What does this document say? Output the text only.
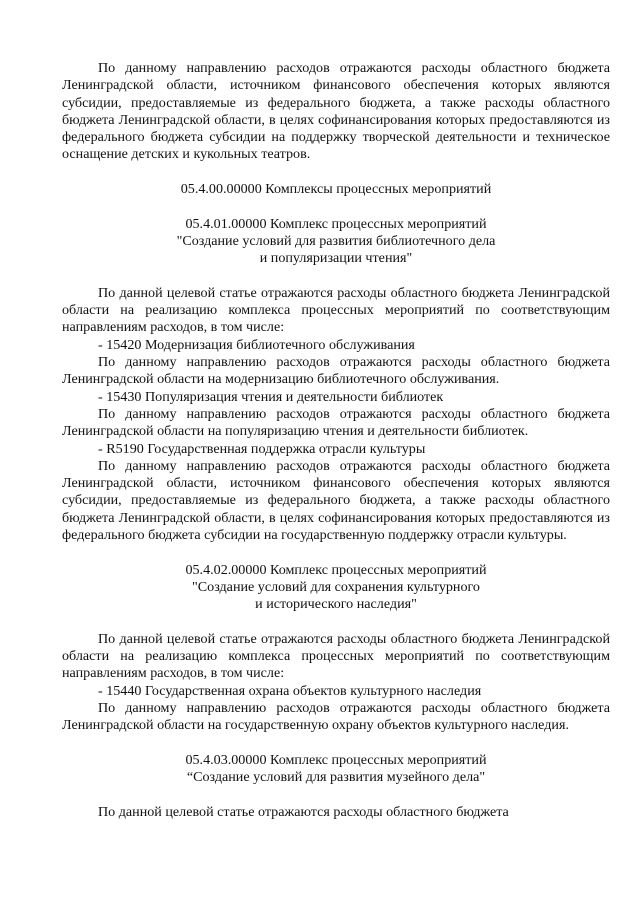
По данному направлению расходов отражаются расходы областного бюджета Ленинградской области, источником финансового обеспечения которых являются субсидии, предоставляемые из федерального бюджета, а также расходы областного бюджета Ленинградской области, в целях софинансирования которых предоставляются из федерального бюджета субсидии на поддержку творческой деятельности и техническое оснащение детских и кукольных театров.

05.4.00.00000 Комплексы процессных мероприятий

05.4.01.00000 Комплекс процессных мероприятий

"Создание условий для развития библиотечного дела

и популяризации чтения"

По данной целевой статье отражаются расходы областного бюджета Ленинградской области на реализацию комплекса процессных мероприятий по соответствующим направлениям расходов, в том числе:

- 15420 Модернизация библиотечного обслуживания

По данному направлению расходов отражаются расходы областного бюджета Ленинградской области на модернизацию библиотечного обслуживания.

- 15430 Популяризация чтения и деятельности библиотек

По данному направлению расходов отражаются расходы областного бюджета Ленинградской области на популяризацию чтения и деятельности библиотек.

- R5190 Государственная поддержка отрасли культуры

По данному направлению расходов отражаются расходы областного бюджета Ленинградской области, источником финансового обеспечения которых являются субсидии, предоставляемые из федерального бюджета, а также расходы областного бюджета Ленинградской области, в целях софинансирования которых предоставляются из федерального бюджета субсидии на государственную поддержку отрасли культуры.

05.4.02.00000 Комплекс процессных мероприятий

"Создание условий для сохранения культурного

и исторического наследия"

По данной целевой статье отражаются расходы областного бюджета Ленинградской области на реализацию комплекса процессных мероприятий по соответствующим направлениям расходов, в том числе:

- 15440 Государственная охрана объектов культурного наследия

По данному направлению расходов отражаются расходы областного бюджета Ленинградской области на государственную охрану объектов культурного наследия.

05.4.03.00000 Комплекс процессных мероприятий

“Создание условий для развития музейного дела"

По данной целевой статье отражаются расходы областного бюджета
